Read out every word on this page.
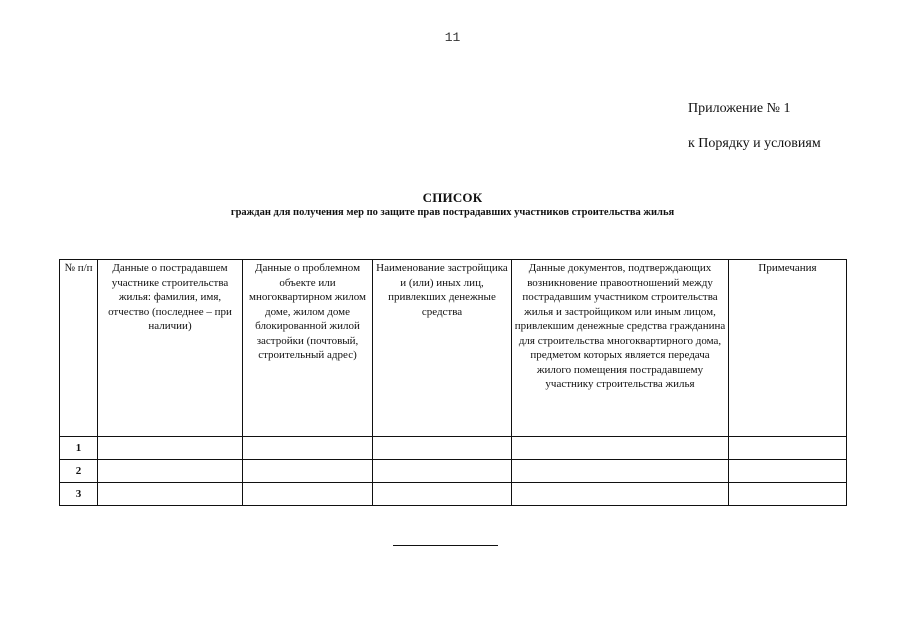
11
Приложение № 1
к Порядку и условиям
СПИСОК
граждан для получения мер по защите прав пострадавших участников строительства жилья
№ п/п	Данные о пострадавшем участнике строительства жилья: фамилия, имя, отчество (последнее – при наличии)	Данные о проблемном объекте или многоквартирном жилом доме, жилом доме блокированной жилой застройки (почтовый, строительный адрес)	Наименование застройщика и (или) иных лиц, привлекших денежные средства	Данные документов, подтверждающих возникновение правоотношений между пострадавшим участником строительства жилья и застройщиком или иным лицом, привлекшим денежные средства гражданина для строительства многоквартирного дома, предметом которых является передача жилого помещения пострадавшему участнику строительства жилья	Примечания
1					
2					
3					
